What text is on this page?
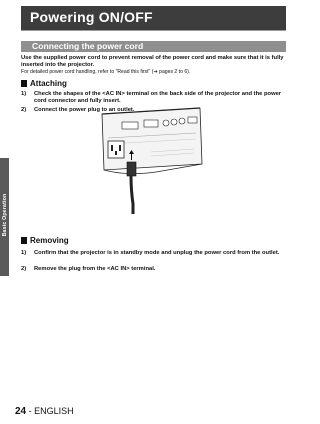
Basic Operation
Powering ON/OFF
Connecting the power cord
Use the supplied power cord to prevent removal of the power cord and make sure that it is fully inserted into the projector.
For detailed power cord handling, refer to "Read this first" (➜ pages 2 to 6).
Attaching
1) Check the shapes of the <AC IN> terminal on the back side of the projector and the power cord connector and fully insert.
2) Connect the power plug to an outlet.
Removing
1) Confirm that the projector is in standby mode and unplug the power cord from the outlet.
2) Remove the plug from the <AC IN> terminal.
24 - ENGLISH
